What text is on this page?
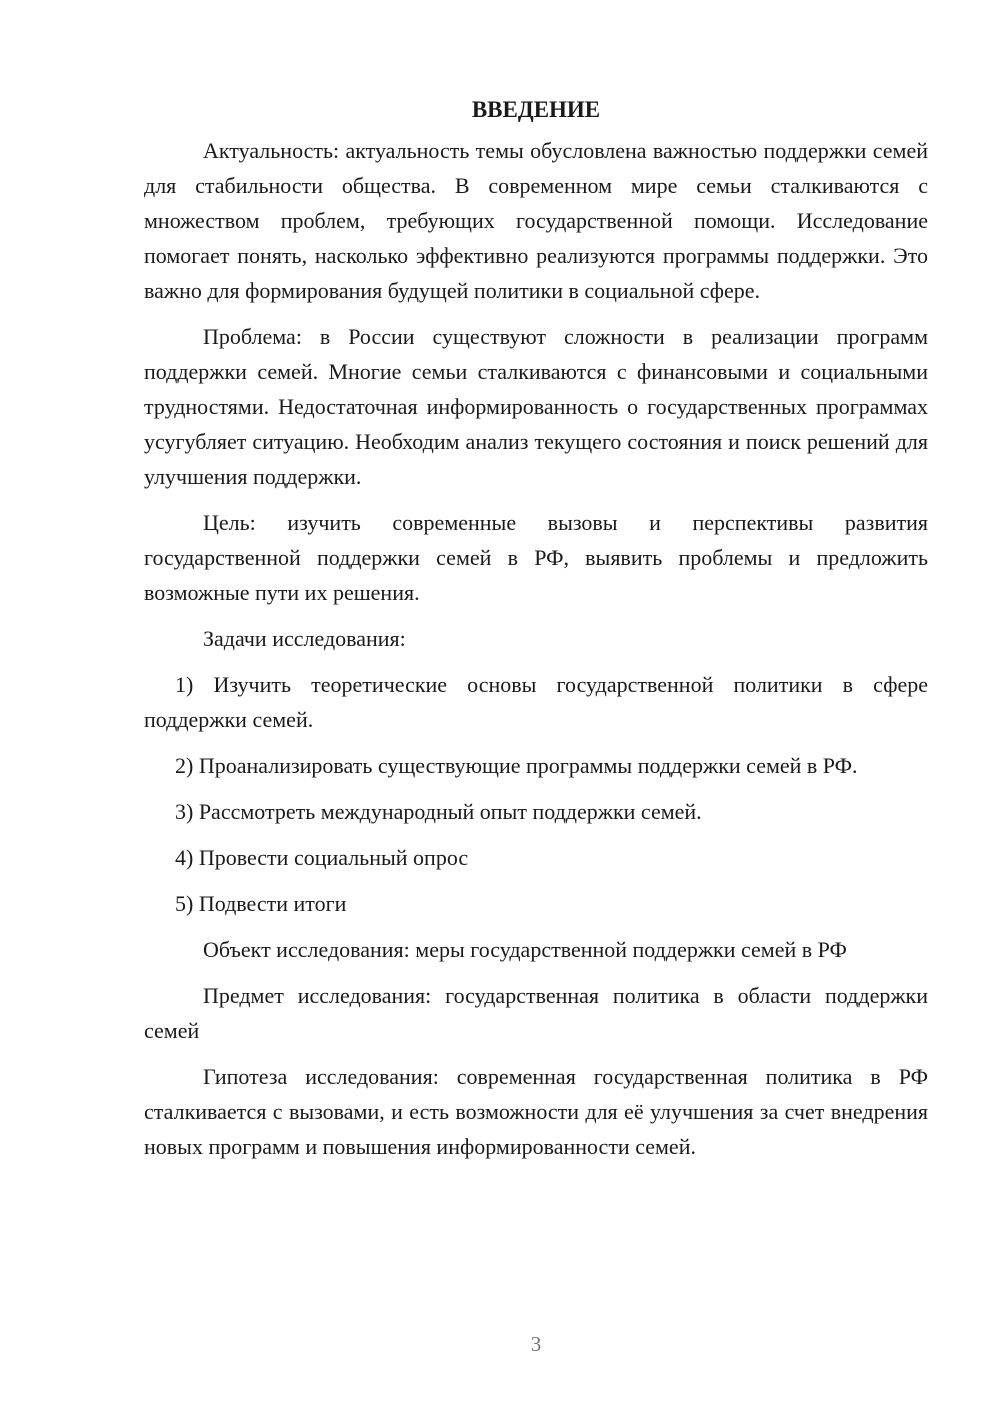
ВВЕДЕНИЕ

Актуальность: актуальность темы обусловлена важностью поддержки семей для стабильности общества. В современном мире семьи сталкиваются с множеством проблем, требующих государственной помощи. Исследование помогает понять, насколько эффективно реализуются программы поддержки. Это важно для формирования будущей политики в социальной сфере.

Проблема: в России существуют сложности в реализации программ поддержки семей. Многие семьи сталкиваются с финансовыми и социальными трудностями. Недостаточная информированность о государственных программах усугубляет ситуацию. Необходим анализ текущего состояния и поиск решений для улучшения поддержки.

Цель: изучить современные вызовы и перспективы развития государственной поддержки семей в РФ, выявить проблемы и предложить возможные пути их решения.

Задачи исследования:

1) Изучить теоретические основы государственной политики в сфере поддержки семей.

2) Проанализировать существующие программы поддержки семей в РФ.

3) Рассмотреть международный опыт поддержки семей.

4) Провести социальный опрос

5) Подвести итоги

Объект исследования: меры государственной поддержки семей в РФ

Предмет исследования: государственная политика в области поддержки семей

Гипотеза исследования: современная государственная политика в РФ сталкивается с вызовами, и есть возможности для её улучшения за счет внедрения новых программ и повышения информированности семей.

3
